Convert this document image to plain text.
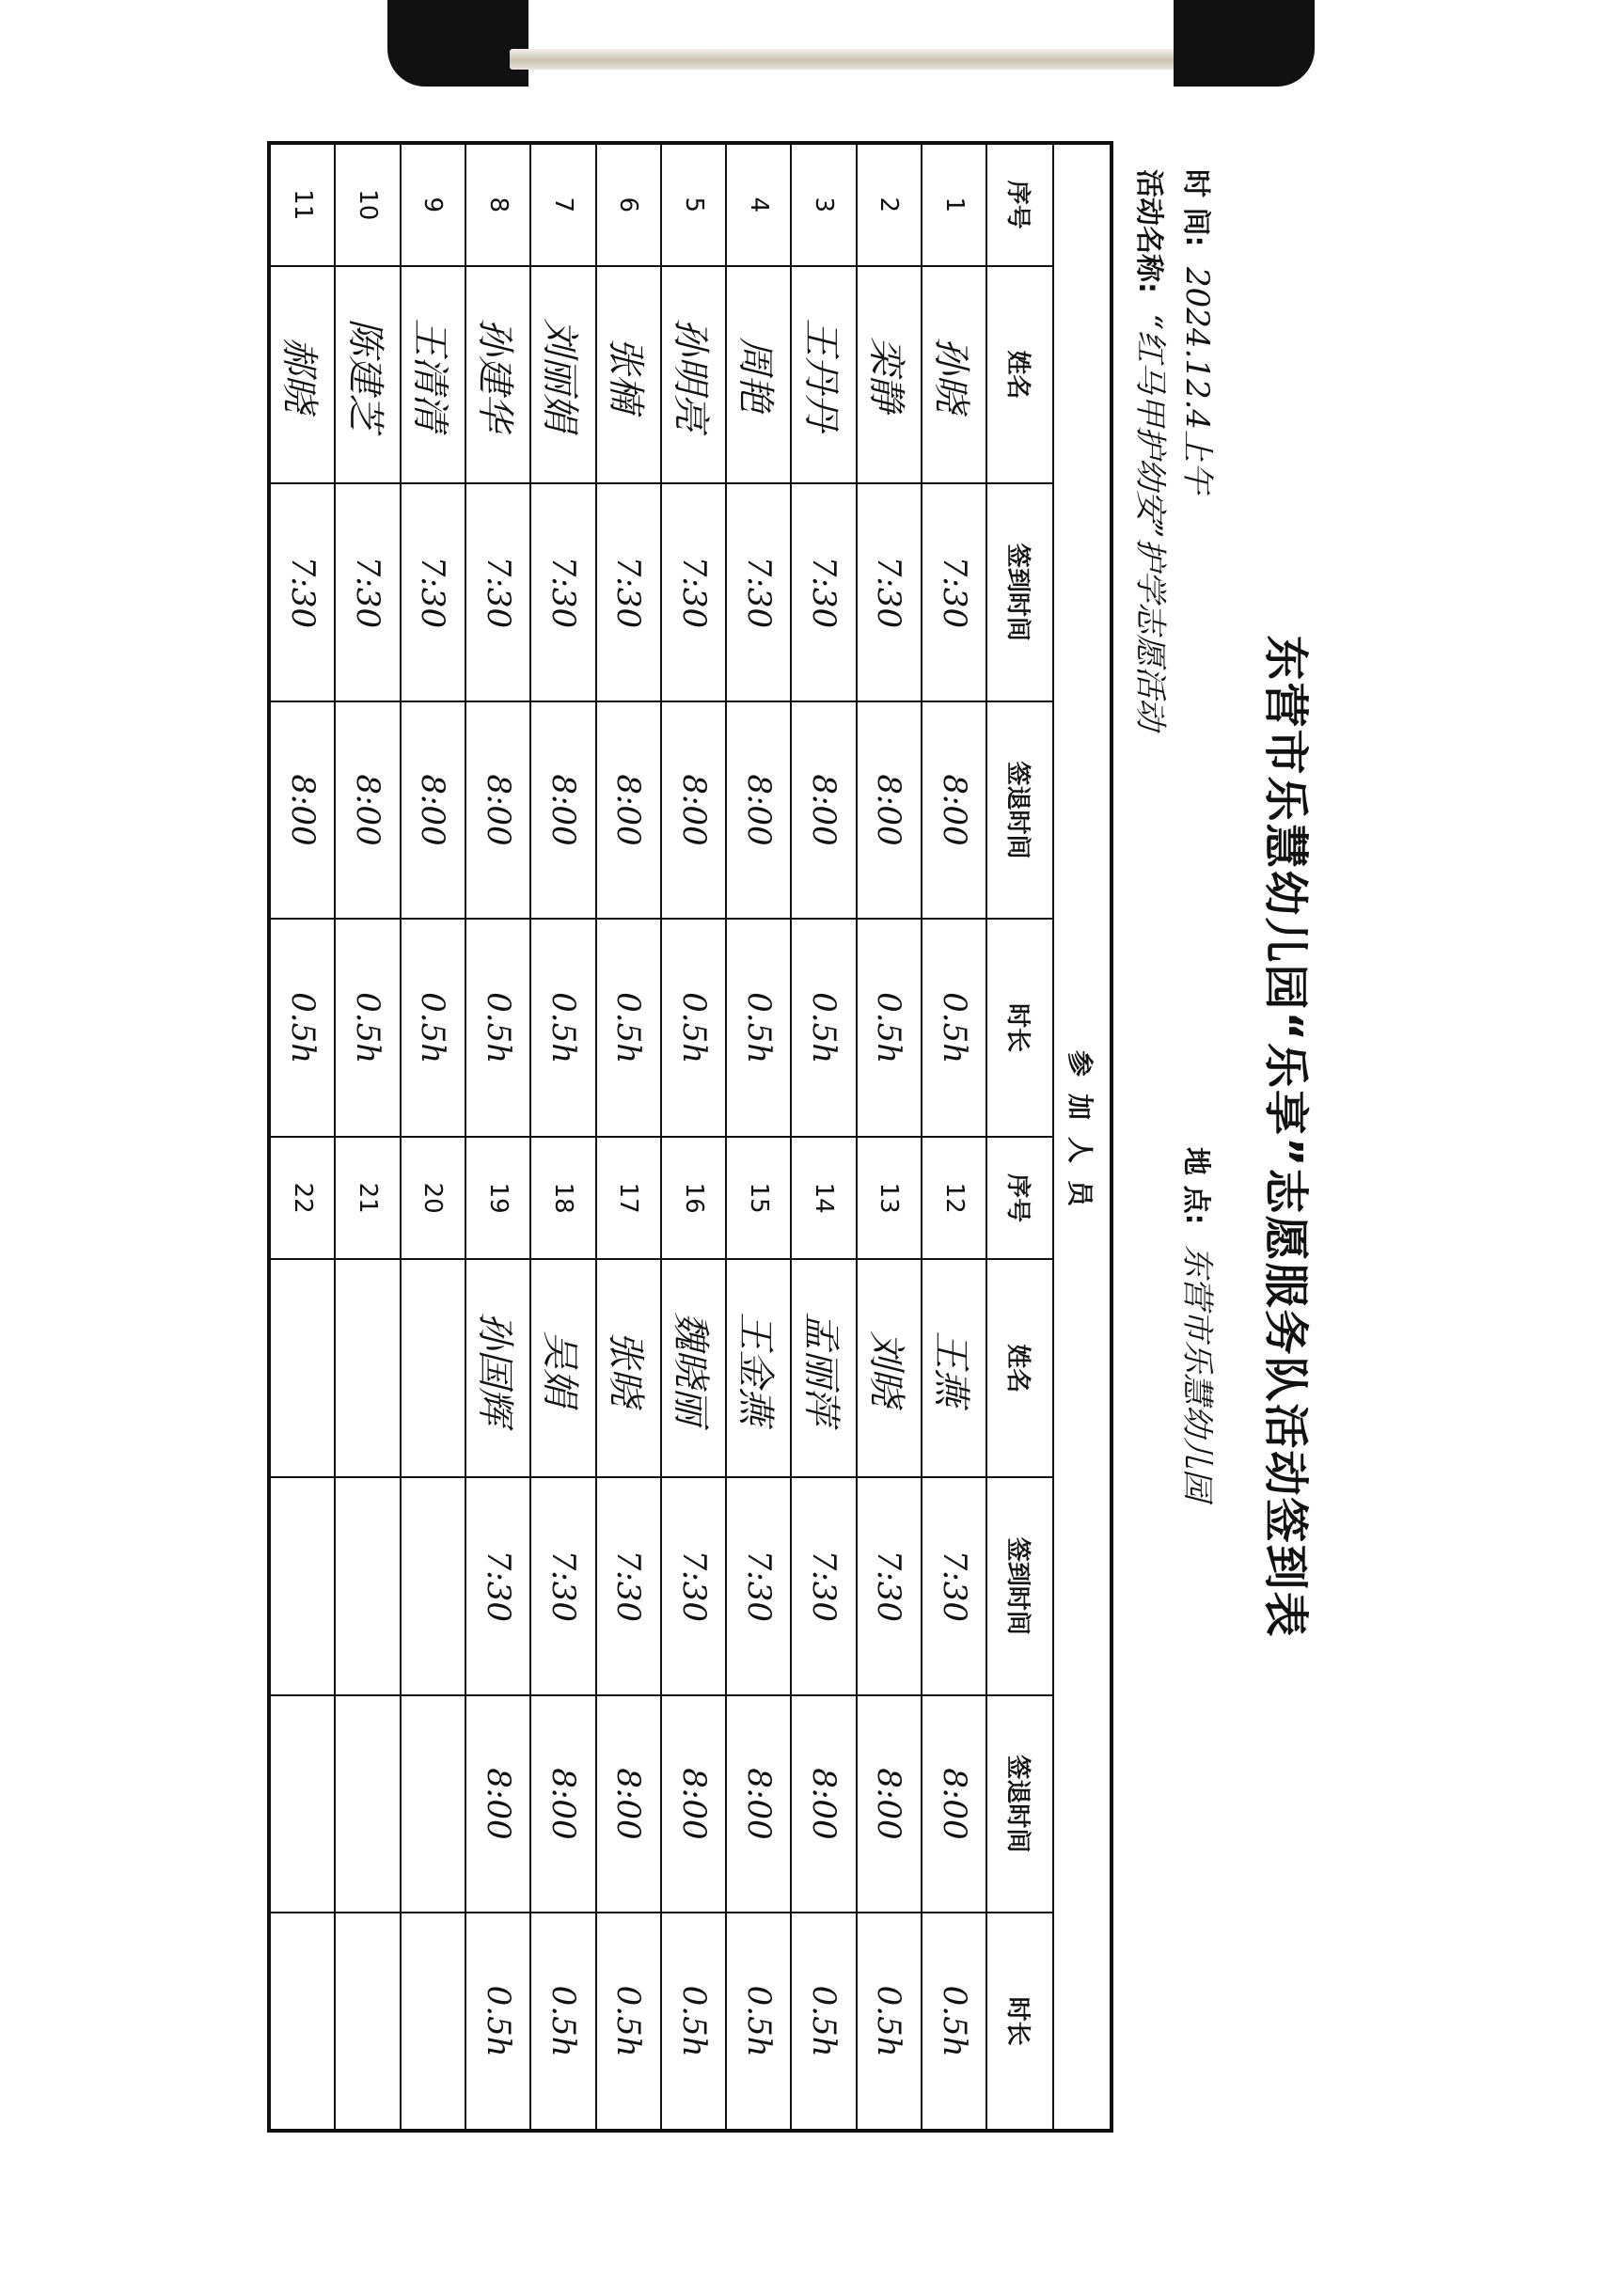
东营市乐慧幼儿园“乐享”志愿服务队活动签到表
时 间: 2024.12.4上午
地 点: 东营市乐慧幼儿园
活动名称: “红马甲护幼安”护学志愿活动
参加人员									
序号	姓名	签到时间	签退时间	时长	序号	姓名	签到时间	签退时间	时长
1	孙晓	7:30	8:00	0.5h	12	王燕	7:30	8:00	0.5h
2	栾静	7:30	8:00	0.5h	13	刘晓	7:30	8:00	0.5h
3	王丹丹	7:30	8:00	0.5h	14	孟丽萍	7:30	8:00	0.5h
4	周艳	7:30	8:00	0.5h	15	王金燕	7:30	8:00	0.5h
5	孙明亮	7:30	8:00	0.5h	16	魏晓丽	7:30	8:00	0.5h
6	张楠	7:30	8:00	0.5h	17	张晓	7:30	8:00	0.5h
7	刘丽娟	7:30	8:00	0.5h	18	吴娟	7:30	8:00	0.5h
8	孙建华	7:30	8:00	0.5h	19	孙国辉	7:30	8:00	0.5h
9	王清清	7:30	8:00	0.5h	20				
10	陈建芝	7:30	8:00	0.5h	21				
11	郝晓	7:30	8:00	0.5h	22				
